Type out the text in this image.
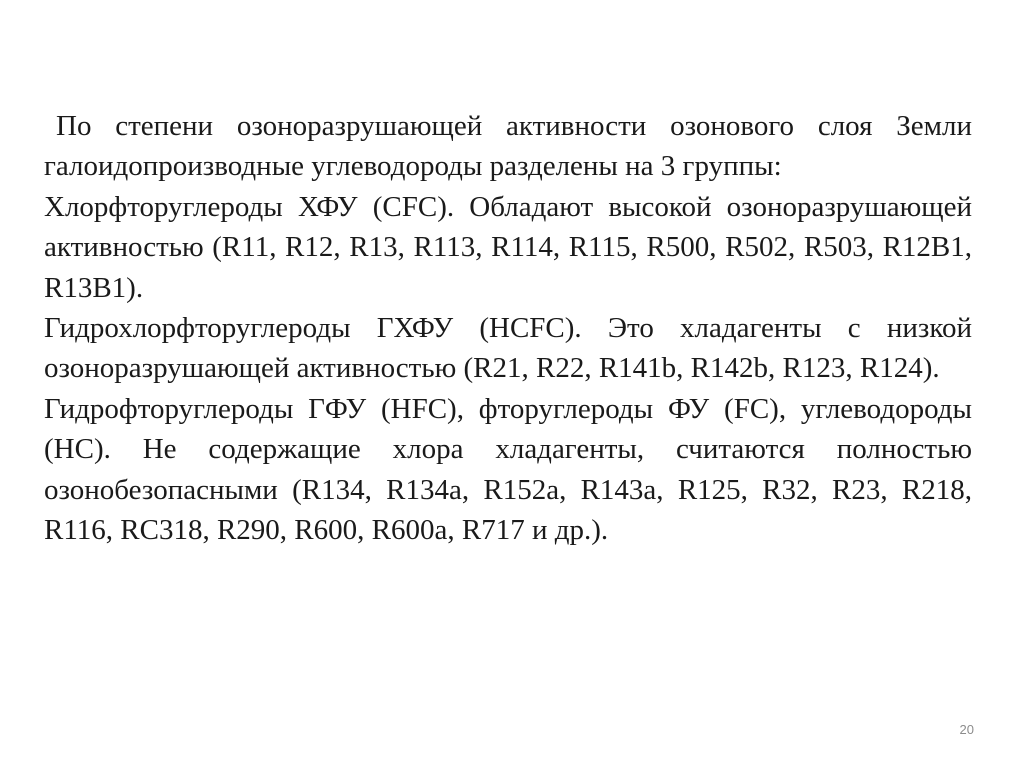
По степени озоноразрушающей активности озонового слоя Земли галоидопроизводные углеводороды разделены на 3 группы:

Хлорфторуглероды ХФУ (CFC). Обладают высокой озоноразрушающей активностью (R11, R12, R13, R113, R114, R115, R500, R502, R503, R12B1, R13B1).

Гидрохлорфторуглероды ГХФУ (HCFC). Это хладагенты с низкой озоноразрушающей активностью (R21, R22, R141b, R142b, R123, R124).

Гидрофторуглероды ГФУ (HFC), фторуглероды ФУ (FC), углеводороды (НС). Не содержащие хлора хладагенты, считаются полностью озонобезопасными (R134, R134a, R152a, R143a, R125, R32, R23, R218, R116, RC318, R290, R600, R600a, R717 и др.).

20
